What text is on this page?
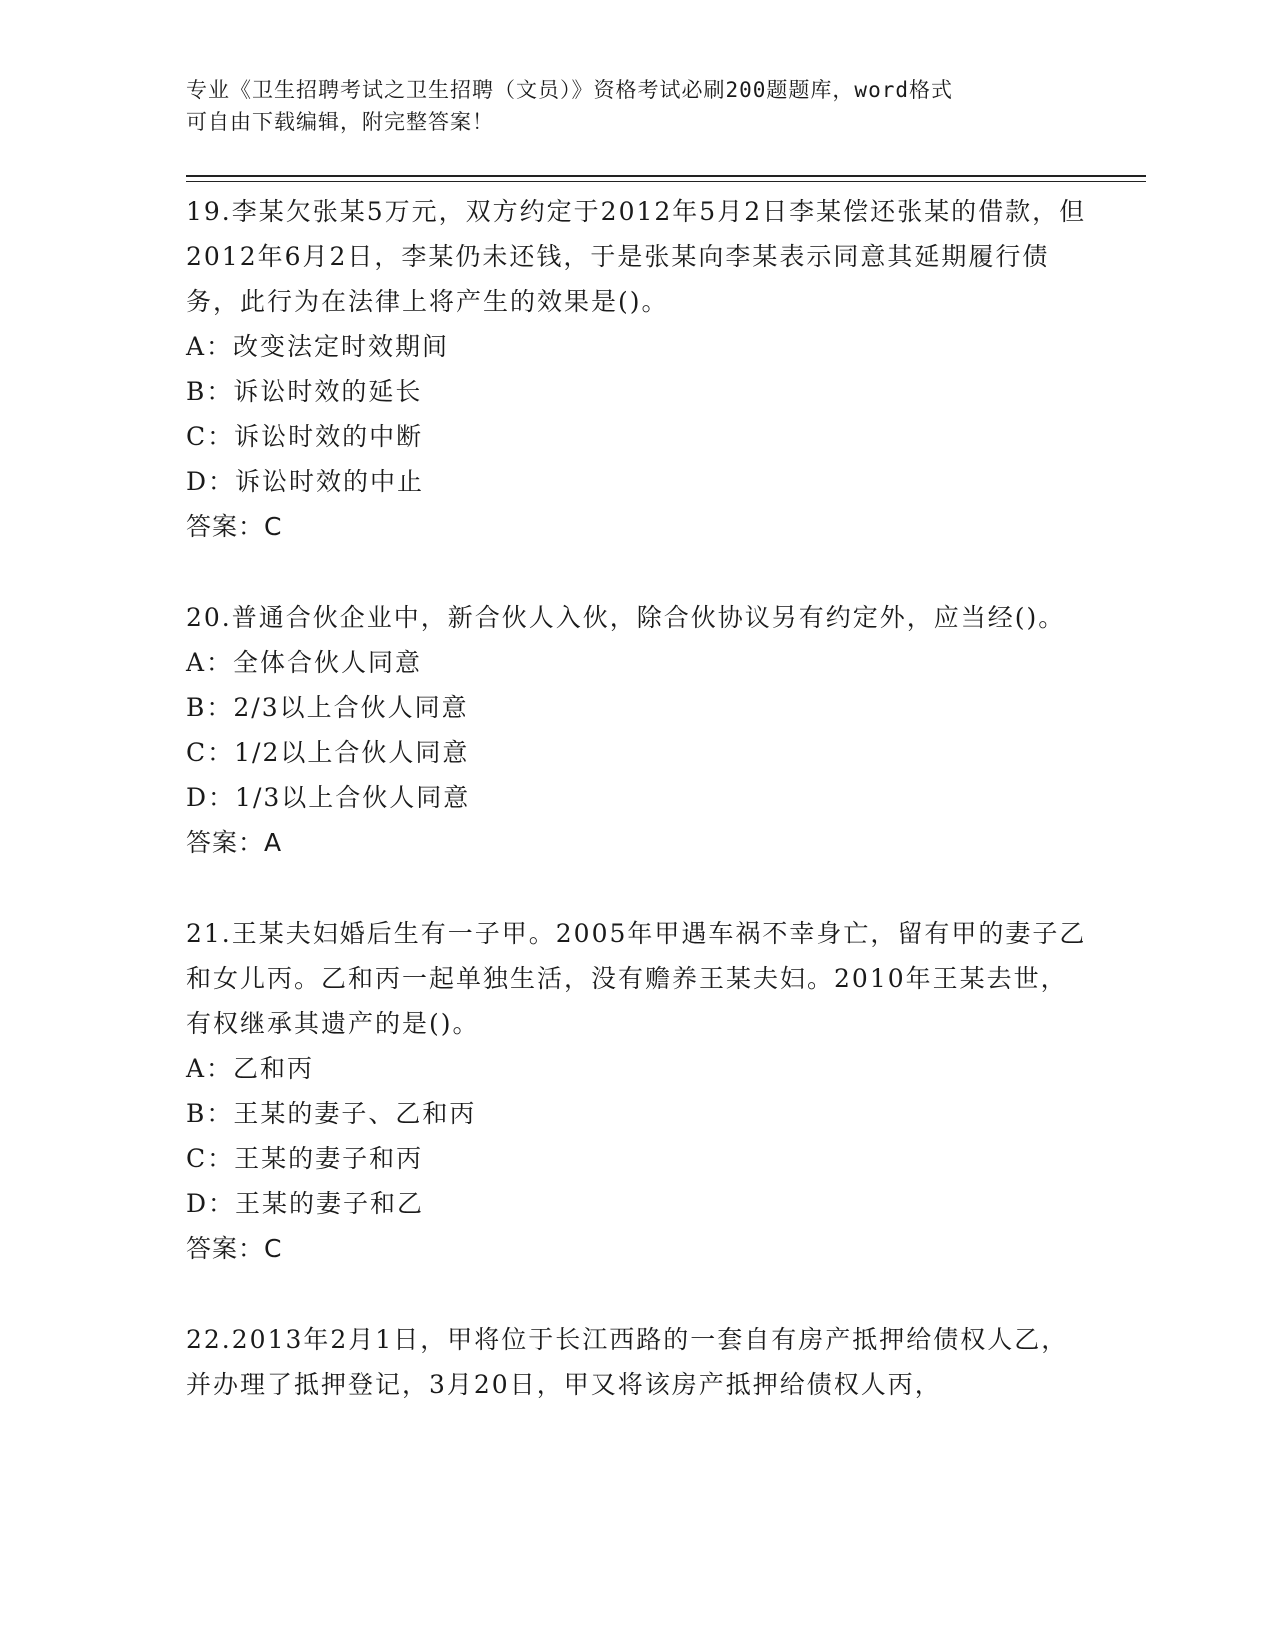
专业《卫生招聘考试之卫生招聘（文员）》资格考试必刷200题题库，word格式
可自由下载编辑，附完整答案！

19.李某欠张某5万元，双方约定于2012年5月2日李某偿还张某的借款，但2012年6月2日，李某仍未还钱，于是张某向李某表示同意其延期履行债务，此行为在法律上将产生的效果是()。

A：改变法定时效期间

B：诉讼时效的延长

C：诉讼时效的中断

D：诉讼时效的中止

答案：C

20.普通合伙企业中，新合伙人入伙，除合伙协议另有约定外，应当经()。

A：全体合伙人同意

B：2/3以上合伙人同意

C：1/2以上合伙人同意

D：1/3以上合伙人同意

答案：A

21.王某夫妇婚后生有一子甲。2005年甲遇车祸不幸身亡，留有甲的妻子乙和女儿丙。乙和丙一起单独生活，没有赡养王某夫妇。2010年王某去世，有权继承其遗产的是()。

A：乙和丙

B：王某的妻子、乙和丙

C：王某的妻子和丙

D：王某的妻子和乙

答案：C

22.2013年2月1日，甲将位于长江西路的一套自有房产抵押给债权人乙，并办理了抵押登记，3月20日，甲又将该房产抵押给债权人丙，
